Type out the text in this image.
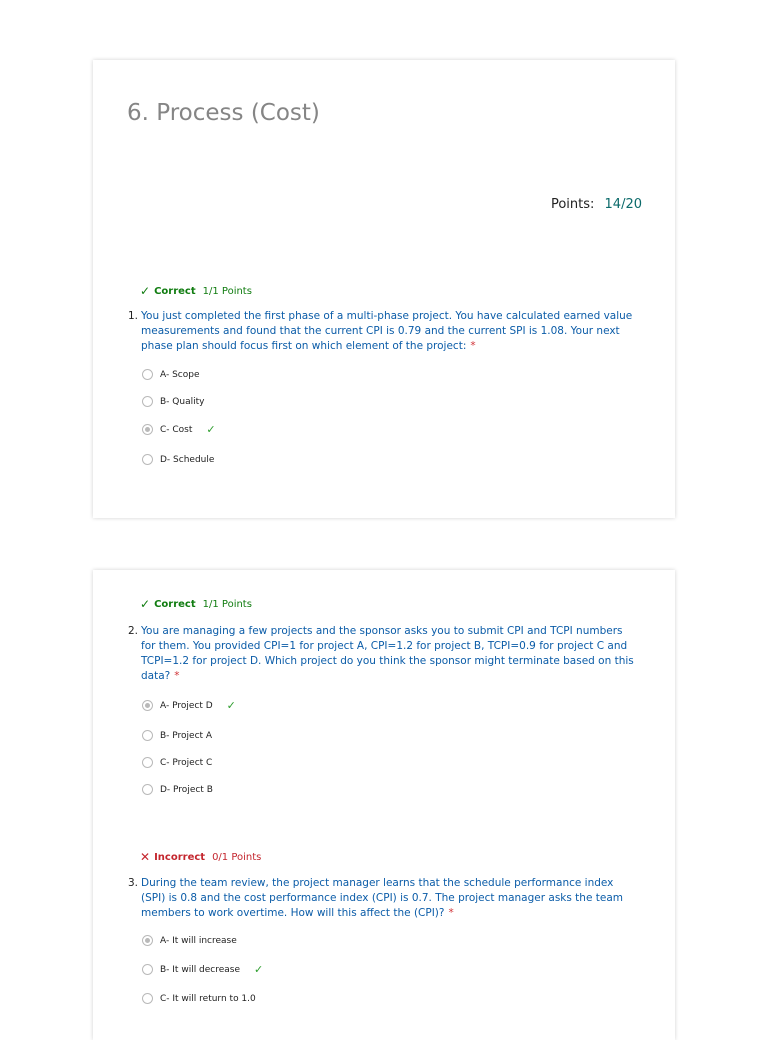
6. Process (Cost)
Points: 14/20
✓ Correct 1/1 Points
1. You just completed the first phase of a multi-phase project. You have calculated earned value measurements and found that the current CPI is 0.79 and the current SPI is 1.08. Your next phase plan should focus first on which element of the project: *
A- Scope
B- Quality
C- Cost ✓
D- Schedule
✓ Correct 1/1 Points
2. You are managing a few projects and the sponsor asks you to submit CPI and TCPI numbers for them. You provided CPI=1 for project A, CPI=1.2 for project B, TCPI=0.9 for project C and TCPI=1.2 for project D. Which project do you think the sponsor might terminate based on this data? *
A- Project D ✓
B- Project A
C- Project C
D- Project B
✕ Incorrect 0/1 Points
3. During the team review, the project manager learns that the schedule performance index (SPI) is 0.8 and the cost performance index (CPI) is 0.7. The project manager asks the team members to work overtime. How will this affect the (CPI)? *
A- It will increase
B- It will decrease ✓
C- It will return to 1.0
